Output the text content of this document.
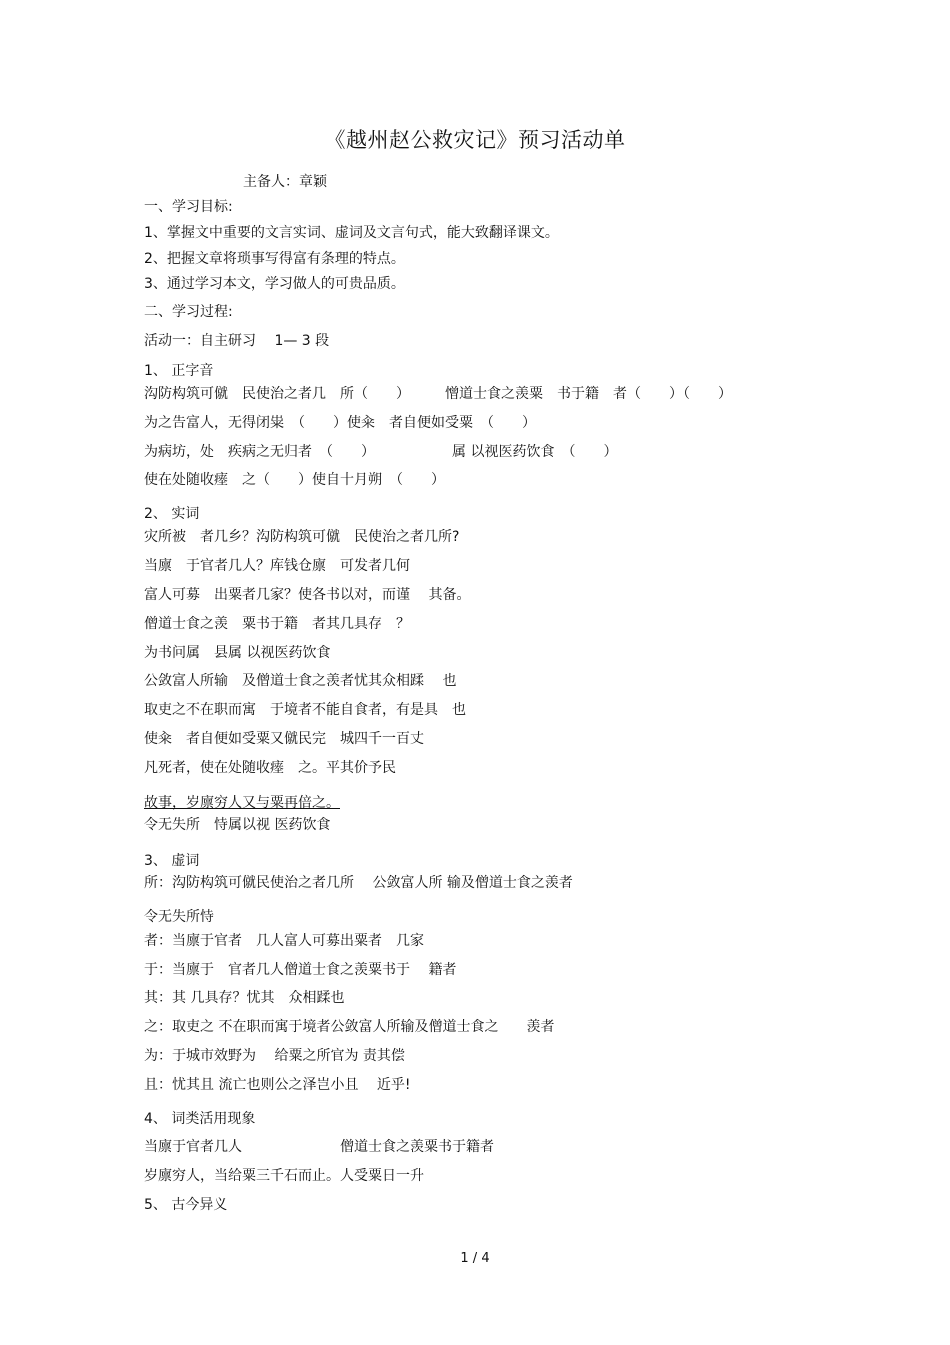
《越州赵公救灾记》预习活动单
主备人：章颖
一、学习目标:
1、掌握文中重要的文言实词、虚词及文言句式，能大致翻译课文。
2、把握文章将琐事写得富有条理的特点。
3、通过学习本文，学习做人的可贵品质。
二、学习过程:
活动一：自主研习　 1— 3 段
1、 正字音
沟防构筑可僦　民使治之者几　所（　　）　　　憎道士食之羡粟　书于籍　者（　　）（　　）
为之告富人，无得闭粜　（　　）使籴　者自便如受粟　（　　）
为病坊，处　疾病之无归者　（　　）　　　　　　属 以视医药饮食　（　　）
使在处随收瘗　之（　　）使自十月朔　（　　）
2、 实词
灾所被　者几乡？沟防构筑可僦　民使治之者几所?
当廪　于官者几人？库钱仓廪　可发者几何
富人可募　出粟者几家？使各书以对，而谨　 其备。
僧道士食之羡　粟书于籍　者其几具存　？
为书问属　县属 以视医药饮食
公敛富人所输　及僧道士食之羡者忧其众相蹂　 也
取吏之不在职而寓　于境者不能自食者，有是具　也
使籴　者自便如受粟又僦民完　城四千一百丈
凡死者，使在处随收瘗　之。平其价予民
故事，岁廪穷人又与粟再倍之。
令无失所　恃属以视 医药饮食
3、 虚词
所：沟防构筑可僦民使治之者几所　 公敛富人所 输及僧道士食之羡者
令无失所恃
者：当廪于官者　几人富人可募出粟者　几家
于：当廪于　官者几人僧道士食之羡粟书于　 籍者
其：其 几具存？忧其　众相蹂也
之：取吏之 不在职而寓于境者公敛富人所输及僧道士食之　　羡者
为：于城市效野为　 给粟之所官为 责其偿
且：忧其且 流亡也则公之泽岂小且　 近乎!
4、 词类活用现象
当廪于官者几人　　　　　　　僧道士食之羡粟书于籍者
岁廪穷人，当给粟三千石而止。人受粟日一升
5、 古今异义
1 / 4
